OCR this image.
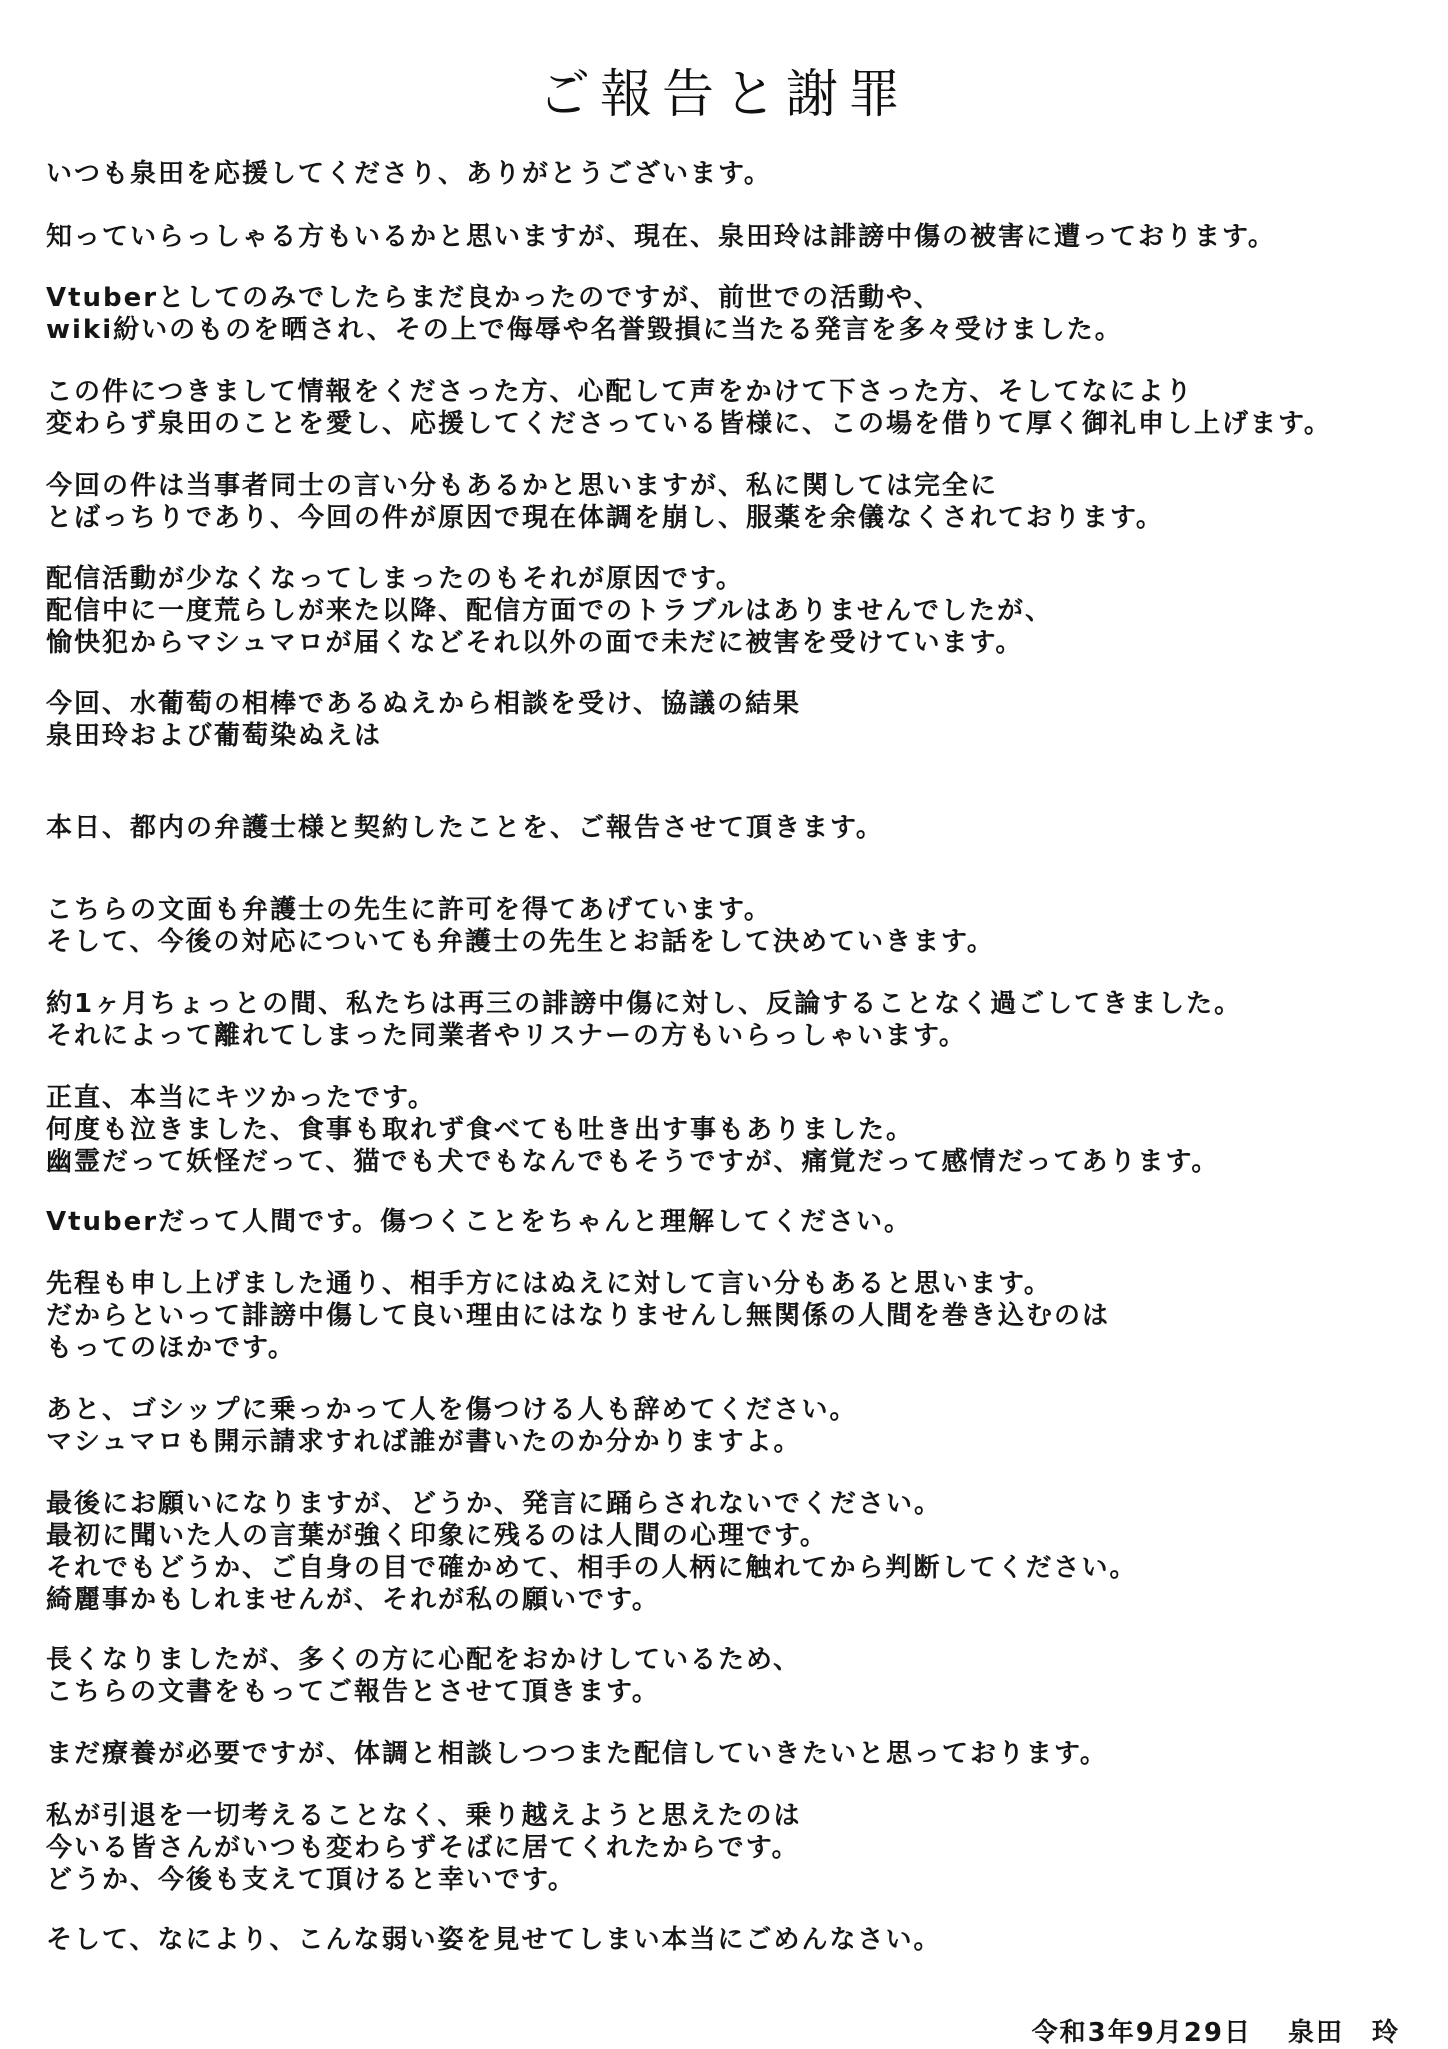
ご報告と謝罪
いつも泉田を応援してくださり、ありがとうございます。
知っていらっしゃる方もいるかと思いますが、現在、泉田玲は誹謗中傷の被害に遭っております。
Vtuberとしてのみでしたらまだ良かったのですが、前世での活動や、
wiki紛いのものを晒され、その上で侮辱や名誉毀損に当たる発言を多々受けました。
この件につきまして情報をくださった方、心配して声をかけて下さった方、そしてなにより
変わらず泉田のことを愛し、応援してくださっている皆様に、この場を借りて厚く御礼申し上げます。
今回の件は当事者同士の言い分もあるかと思いますが、私に関しては完全に
とばっちりであり、今回の件が原因で現在体調を崩し、服薬を余儀なくされております。
配信活動が少なくなってしまったのもそれが原因です。
配信中に一度荒らしが来た以降、配信方面でのトラブルはありませんでしたが、
愉快犯からマシュマロが届くなどそれ以外の面で未だに被害を受けています。
今回、水葡萄の相棒であるぬえから相談を受け、協議の結果
泉田玲および葡萄染ぬえは
本日、都内の弁護士様と契約したことを、ご報告させて頂きます。
こちらの文面も弁護士の先生に許可を得てあげています。
そして、今後の対応についても弁護士の先生とお話をして決めていきます。
約1ヶ月ちょっとの間、私たちは再三の誹謗中傷に対し、反論することなく過ごしてきました。
それによって離れてしまった同業者やリスナーの方もいらっしゃいます。
正直、本当にキツかったです。
何度も泣きました、食事も取れず食べても吐き出す事もありました。
幽霊だって妖怪だって、猫でも犬でもなんでもそうですが、痛覚だって感情だってあります。
Vtuberだって人間です。傷つくことをちゃんと理解してください。
先程も申し上げました通り、相手方にはぬえに対して言い分もあると思います。
だからといって誹謗中傷して良い理由にはなりませんし無関係の人間を巻き込むのは
もってのほかです。
あと、ゴシップに乗っかって人を傷つける人も辞めてください。
マシュマロも開示請求すれば誰が書いたのか分かりますよ。
最後にお願いになりますが、どうか、発言に踊らされないでください。
最初に聞いた人の言葉が強く印象に残るのは人間の心理です。
それでもどうか、ご自身の目で確かめて、相手の人柄に触れてから判断してください。
綺麗事かもしれませんが、それが私の願いです。
長くなりましたが、多くの方に心配をおかけしているため、
こちらの文書をもってご報告とさせて頂きます。
まだ療養が必要ですが、体調と相談しつつまた配信していきたいと思っております。
私が引退を一切考えることなく、乗り越えようと思えたのは
今いる皆さんがいつも変わらずそばに居てくれたからです。
どうか、今後も支えて頂けると幸いです。
そして、なにより、こんな弱い姿を見せてしまい本当にごめんなさい。
令和3年9月29日 泉田　玲
